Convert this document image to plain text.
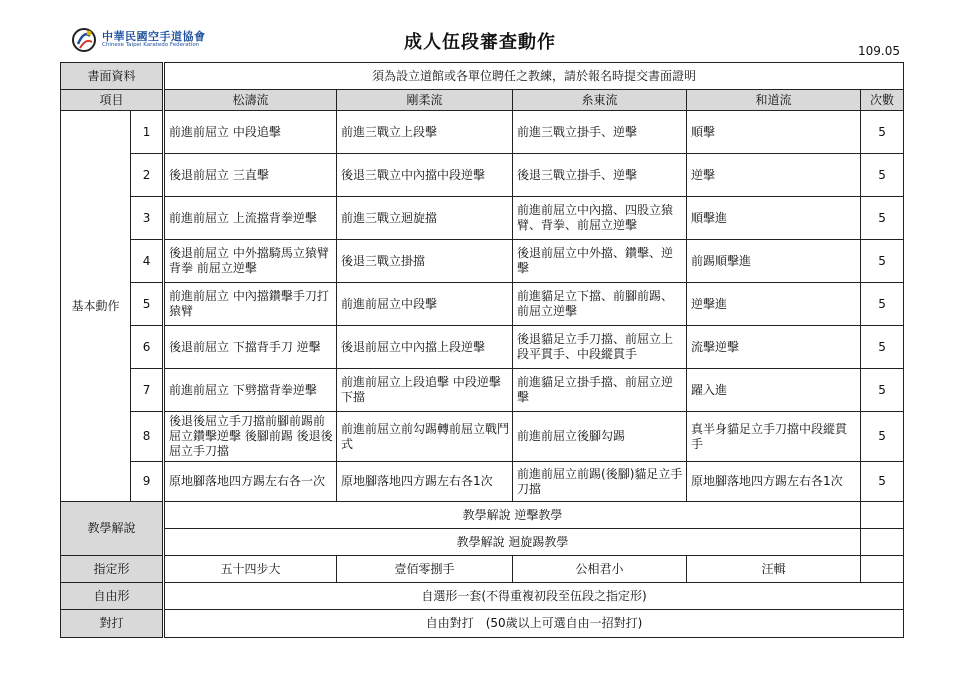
中華民國空手道協會
Chinese Taipei Karatedo Federation	成人伍段審查動作	109.05
書面資料		須為設立道館或各單位聘任之教練，請於報名時提交書面證明				
項目		松濤流	剛柔流	糸東流	和道流	次數
基本動作	1	前進前屈立 中段追擊	前進三戰立上段擊	前進三戰立掛手、逆擊	順擊	5
	2	後退前屈立 三直擊	後退三戰立中內擋中段逆擊	後退三戰立掛手、逆擊	逆擊	5
	3	前進前屈立 上流擋背拳逆擊	前進三戰立迴旋擋	前進前屈立中內擋、四股立猿臂、背拳、前屈立逆擊	順擊進	5
	4	後退前屈立 中外擋騎馬立猿臂背拳 前屈立逆擊	後退三戰立掛擋	後退前屈立中外擋、鑽擊、逆擊	前踢順擊進	5
	5	前進前屈立 中內擋鑽擊手刀打 猿臂	前進前屈立中段擊	前進貓足立下擋、前腳前踢、前屈立逆擊	逆擊進	5
	6	後退前屈立 下擋背手刀 逆擊	後退前屈立中內擋上段逆擊	後退貓足立手刀擋、前屈立上段平貫手、中段縱貫手	流擊逆擊	5
	7	前進前屈立 下劈擋背拳逆擊	前進前屈立上段追擊 中段逆擊下擋	前進貓足立掛手擋、前屈立逆擊	躍入進	5
	8	後退後屈立手刀擋前腳前踢前屈立鑽擊逆擊 後腳前踢 後退後屈立手刀擋	前進前屈立前勾踢轉前屈立戰鬥式	前進前屈立後腳勾踢	真半身貓足立手刀擋中段縱貫手	5
	9	原地腳落地四方踢左右各一次	原地腳落地四方踢左右各1次	前進前屈立前踢(後腳)貓足立手刀擋	原地腳落地四方踢左右各1次	5
教學解說		教學解說 逆擊教學				
		教學解說 迴旋踢教學				
指定形		五十四步大	壹佰零捌手	公相君小	汪輯	
自由形		自選形一套(不得重複初段至伍段之指定形)				
對打		自由對打　(50歲以上可選自由一招對打)				
